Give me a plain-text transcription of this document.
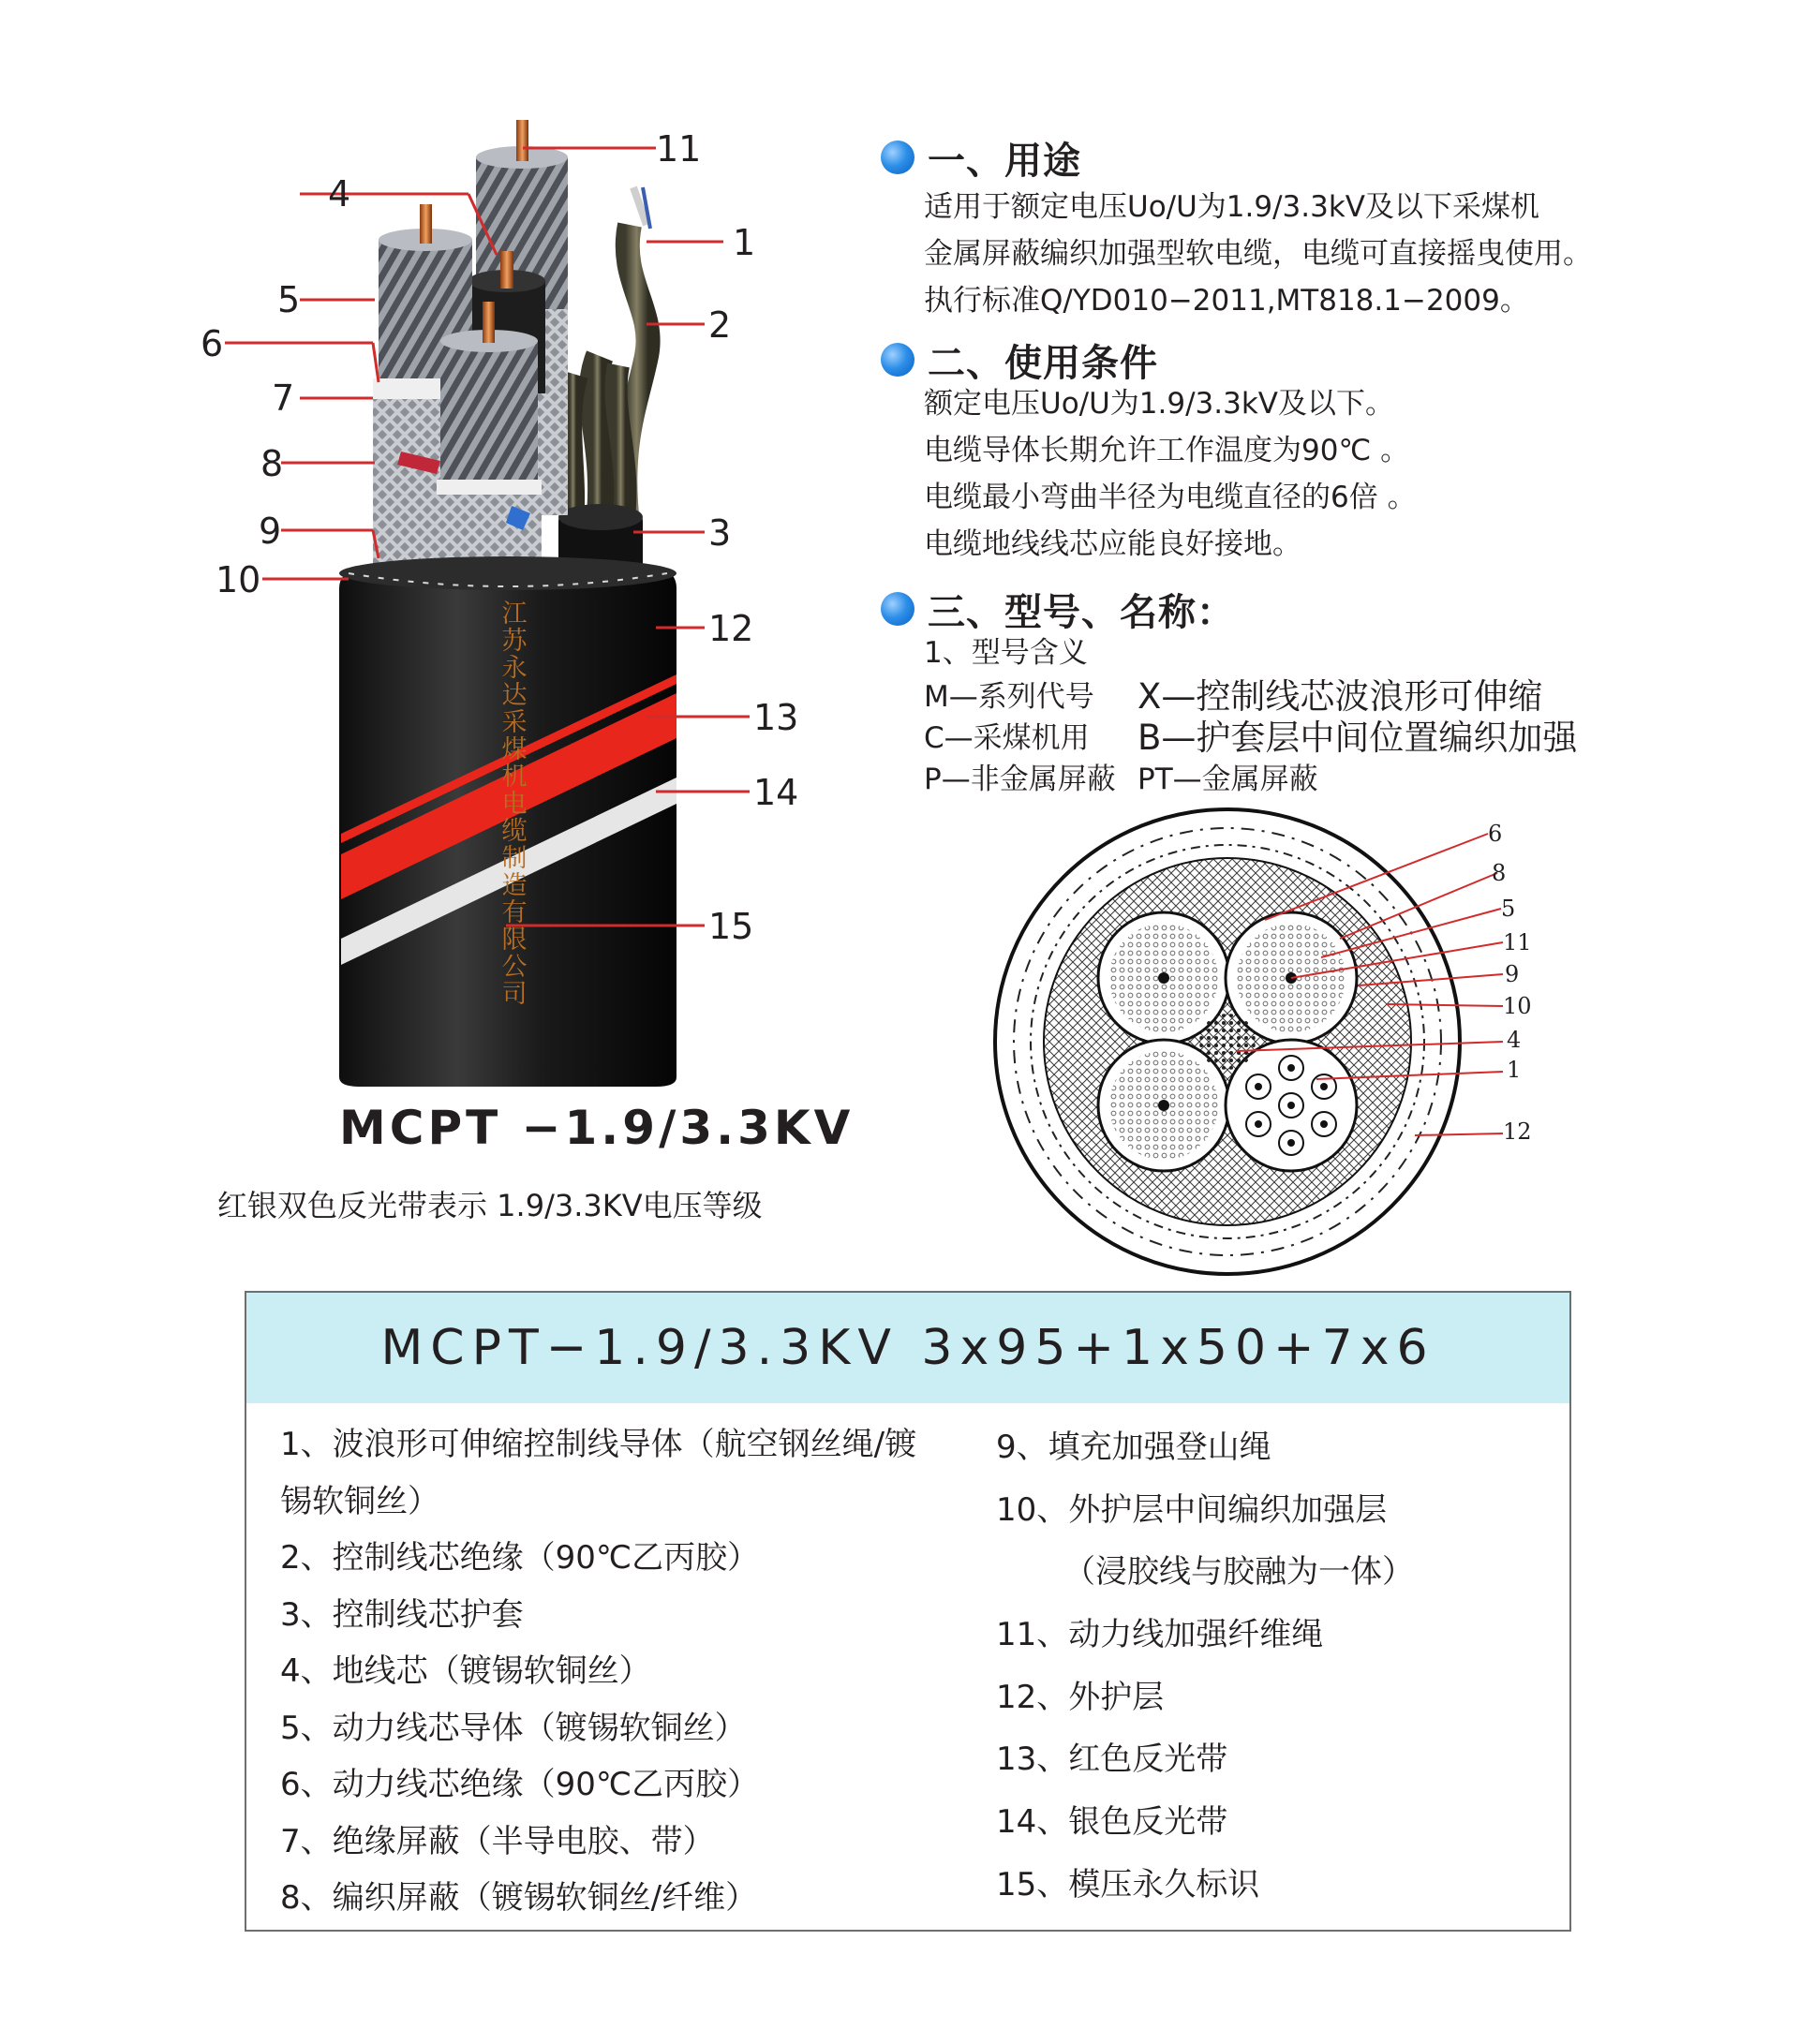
江苏永达采煤机电缆制造有限公司
11
4
1
5
2
6
7
8
3
9
10
12
13
14
15
MCPT −1.9/3.3KV
红银双色反光带表示 1.9/3.3KV电压等级
一、用途
适用于额定电压Uo/U为1.9/3.3kV及以下采煤机
金属屏蔽编织加强型软电缆，电缆可直接摇曳使用。
执行标准Q/YD010−2011,MT818.1−2009。
二、使用条件
额定电压Uo/U为1.9/3.3kV及以下。
电缆导体长期允许工作温度为90℃ 。
电缆最小弯曲半径为电缆直径的6倍 。
电缆地线线芯应能良好接地。
三、型号、名称：
1、型号含义
M—系列代号	X—控制线芯波浪形可伸缩
C—采煤机用	B—护套层中间位置编织加强
P—非金属屏蔽 PT—金属屏蔽
6
8
5
11
9
10
4
1
12
MCPT−1.9/3.3KV 3x95+1x50+7x6
1、波浪形可伸缩控制线导体（航空钢丝绳/镀
锡软铜丝）
2、控制线芯绝缘（90℃乙丙胶）
3、控制线芯护套
4、地线芯（镀锡软铜丝）
5、动力线芯导体（镀锡软铜丝）
6、动力线芯绝缘（90℃乙丙胶）
7、绝缘屏蔽（半导电胶、带）
8、编织屏蔽（镀锡软铜丝/纤维）
9、填充加强登山绳
10、外护层中间编织加强层
（浸胶线与胶融为一体）
11、动力线加强纤维绳
12、外护层
13、红色反光带
14、银色反光带
15、模压永久标识
